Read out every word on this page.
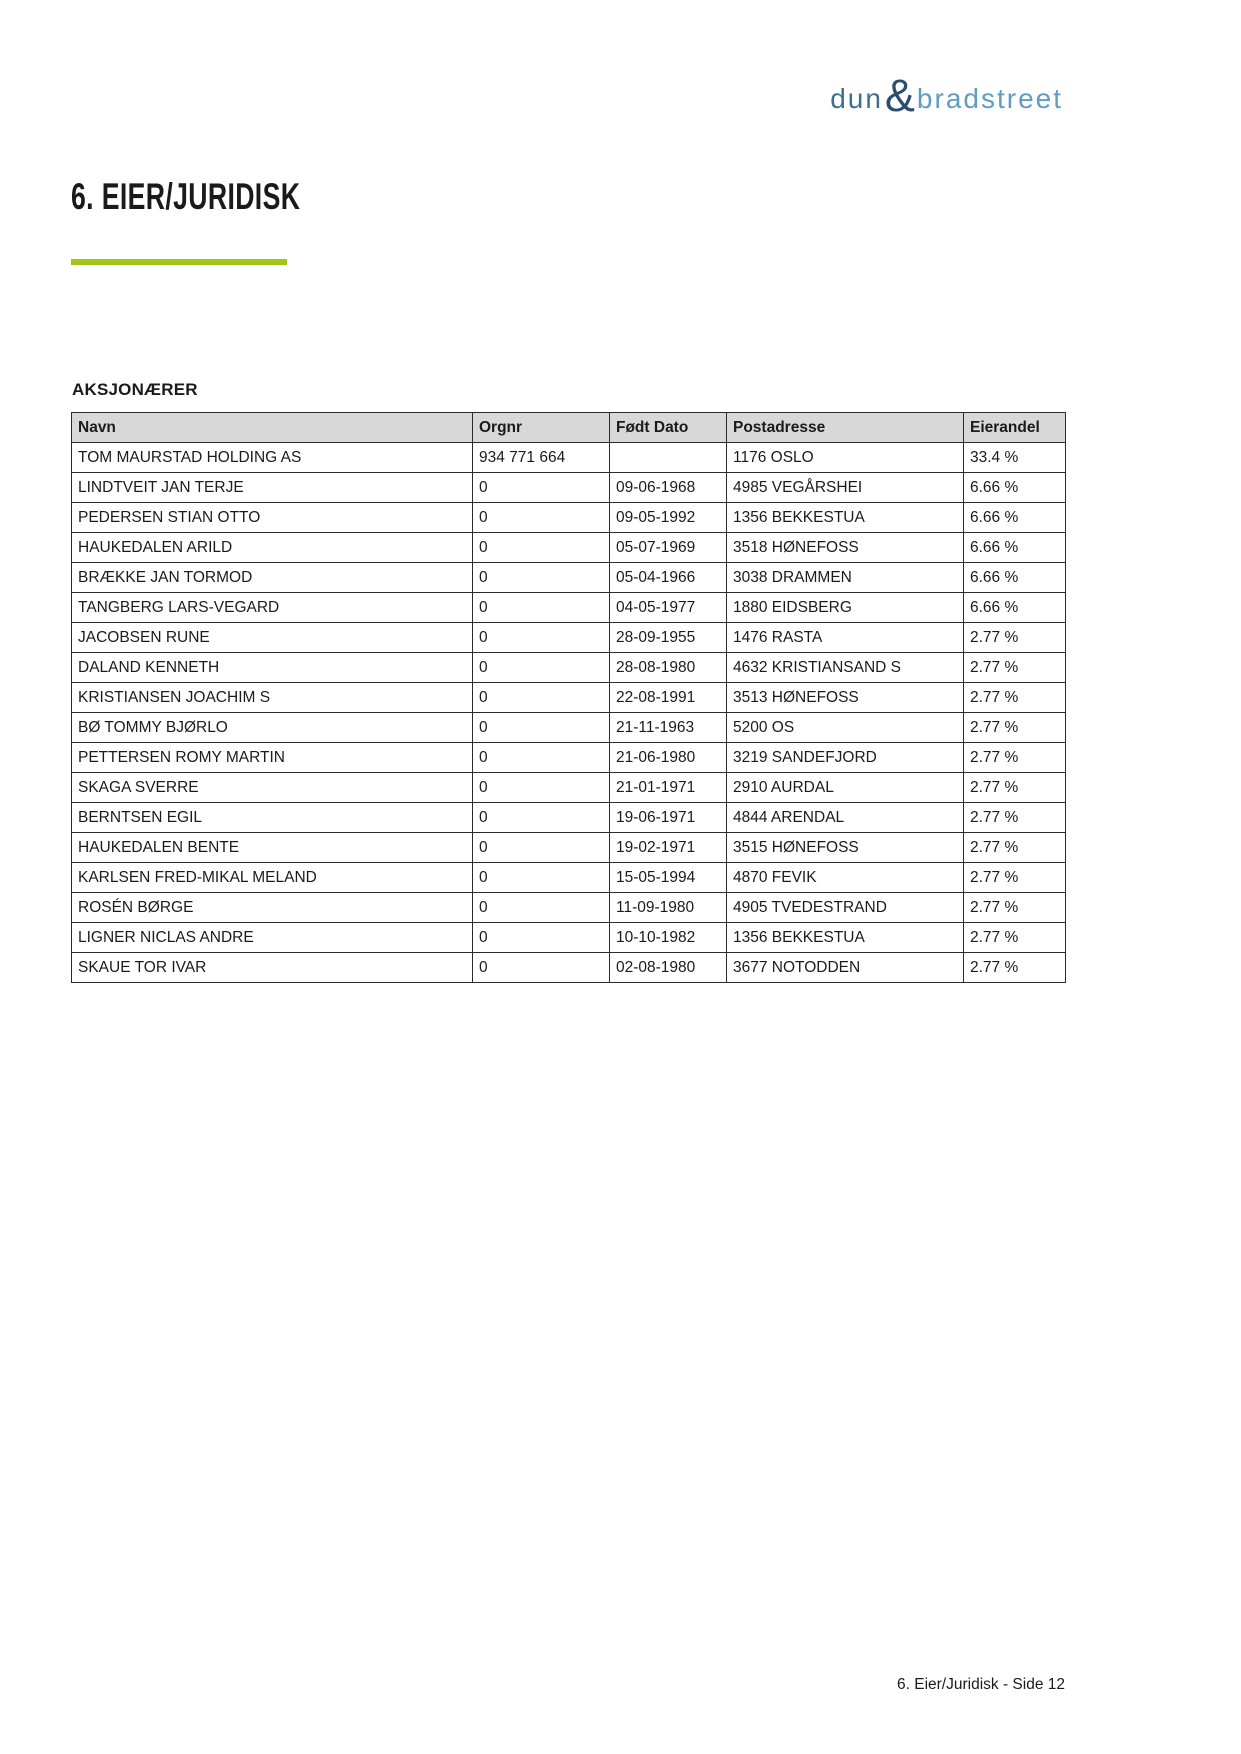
dun & bradstreet
6. EIER/JURIDISK
AKSJONÆRER
Navn	Orgnr	Født Dato	Postadresse	Eierandel
TOM MAURSTAD HOLDING AS	934 771 664		1176 OSLO	33.4 %
LINDTVEIT JAN TERJE	0	09-06-1968	4985 VEGÅRSHEI	6.66 %
PEDERSEN STIAN OTTO	0	09-05-1992	1356 BEKKESTUA	6.66 %
HAUKEDALEN ARILD	0	05-07-1969	3518 HØNEFOSS	6.66 %
BRÆKKE JAN TORMOD	0	05-04-1966	3038 DRAMMEN	6.66 %
TANGBERG LARS-VEGARD	0	04-05-1977	1880 EIDSBERG	6.66 %
JACOBSEN RUNE	0	28-09-1955	1476 RASTA	2.77 %
DALAND KENNETH	0	28-08-1980	4632 KRISTIANSAND S	2.77 %
KRISTIANSEN JOACHIM S	0	22-08-1991	3513 HØNEFOSS	2.77 %
BØ TOMMY BJØRLO	0	21-11-1963	5200 OS	2.77 %
PETTERSEN ROMY MARTIN	0	21-06-1980	3219 SANDEFJORD	2.77 %
SKAGA SVERRE	0	21-01-1971	2910 AURDAL	2.77 %
BERNTSEN EGIL	0	19-06-1971	4844 ARENDAL	2.77 %
HAUKEDALEN BENTE	0	19-02-1971	3515 HØNEFOSS	2.77 %
KARLSEN FRED-MIKAL MELAND	0	15-05-1994	4870 FEVIK	2.77 %
ROSÉN BØRGE	0	11-09-1980	4905 TVEDESTRAND	2.77 %
LIGNER NICLAS ANDRE	0	10-10-1982	1356 BEKKESTUA	2.77 %
SKAUE TOR IVAR	0	02-08-1980	3677 NOTODDEN	2.77 %
6. Eier/Juridisk - Side 12
